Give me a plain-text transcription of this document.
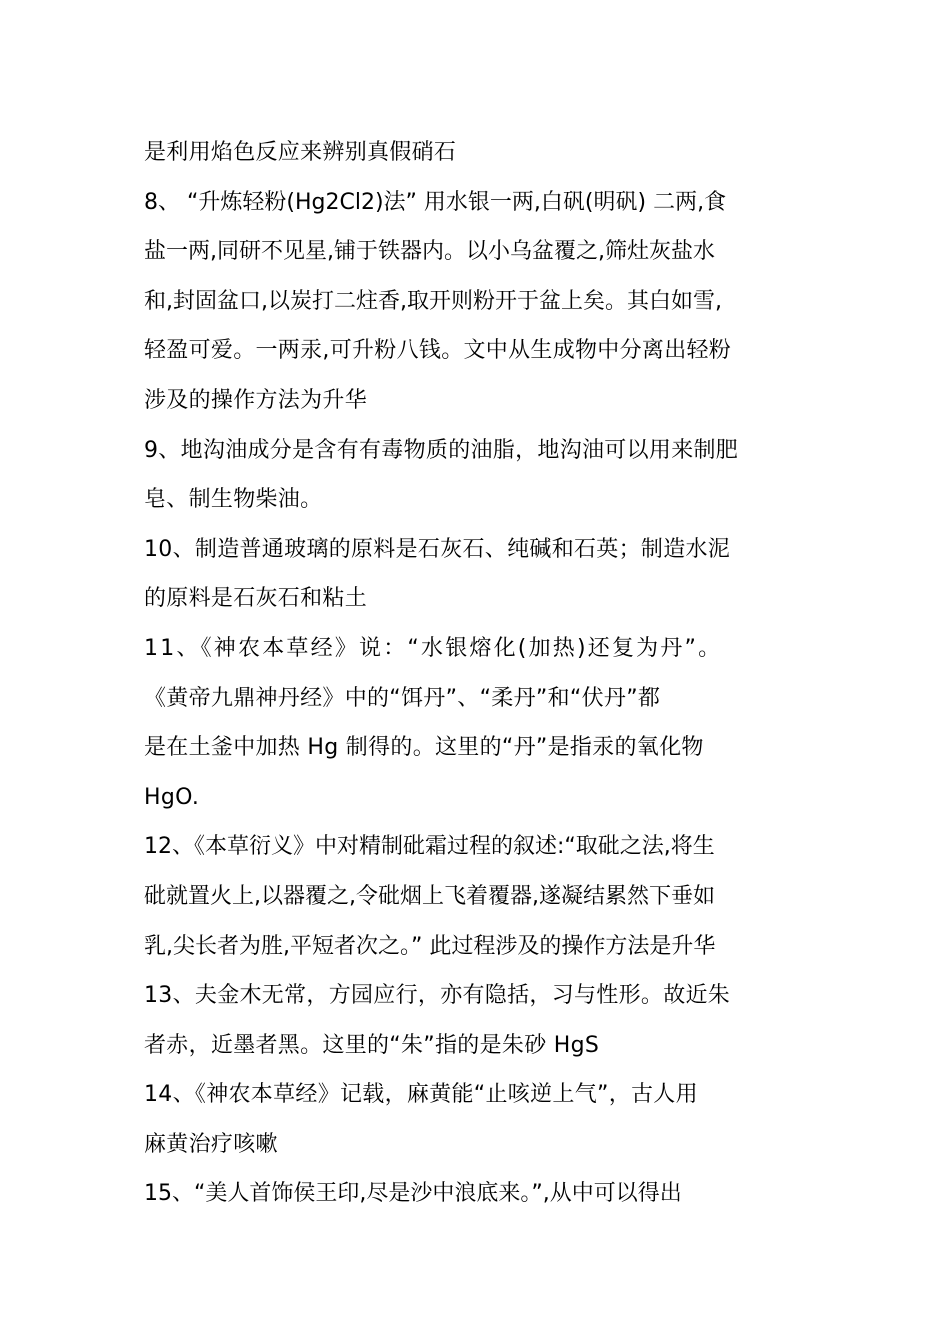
是利用焰色反应来辨别真假硝石
8、 “升炼轻粉(Hg2Cl2)法” 用水银一两,白矾(明矾) 二两,食
盐一两,同研不见星,铺于铁器内。以小乌盆覆之,筛灶灰盐水
和,封固盆口,以炭打二炷香,取开则粉开于盆上矣。其白如雪,
轻盈可爱。一两汞,可升粉八钱。文中从生成物中分离出轻粉
涉及的操作方法为升华
9、地沟油成分是含有有毒物质的油脂，地沟油可以用来制肥
皂、制生物柴油。
10、制造普通玻璃的原料是石灰石、纯碱和石英；制造水泥
的原料是石灰石和粘土
11、《神农本草经》说：“水银熔化(加热)还复为丹”。
《黄帝九鼎神丹经》中的“饵丹”、“柔丹”和“伏丹”都
是在土釜中加热 Hg 制得的。这里的“丹”是指汞的氧化物
HgO.
12、《本草衍义》中对精制砒霜过程的叙述:“取砒之法,将生
砒就置火上,以器覆之,令砒烟上飞着覆器,遂凝结累然下垂如
乳,尖长者为胜,平短者次之。” 此过程涉及的操作方法是升华
13、夫金木无常，方园应行，亦有隐括，习与性形。故近朱
者赤，近墨者黑。这里的“朱”指的是朱砂 HgS
14、《神农本草经》记载，麻黄能“止咳逆上气”，古人用
麻黄治疗咳嗽
15、“美人首饰侯王印,尽是沙中浪底来。”,从中可以得出
